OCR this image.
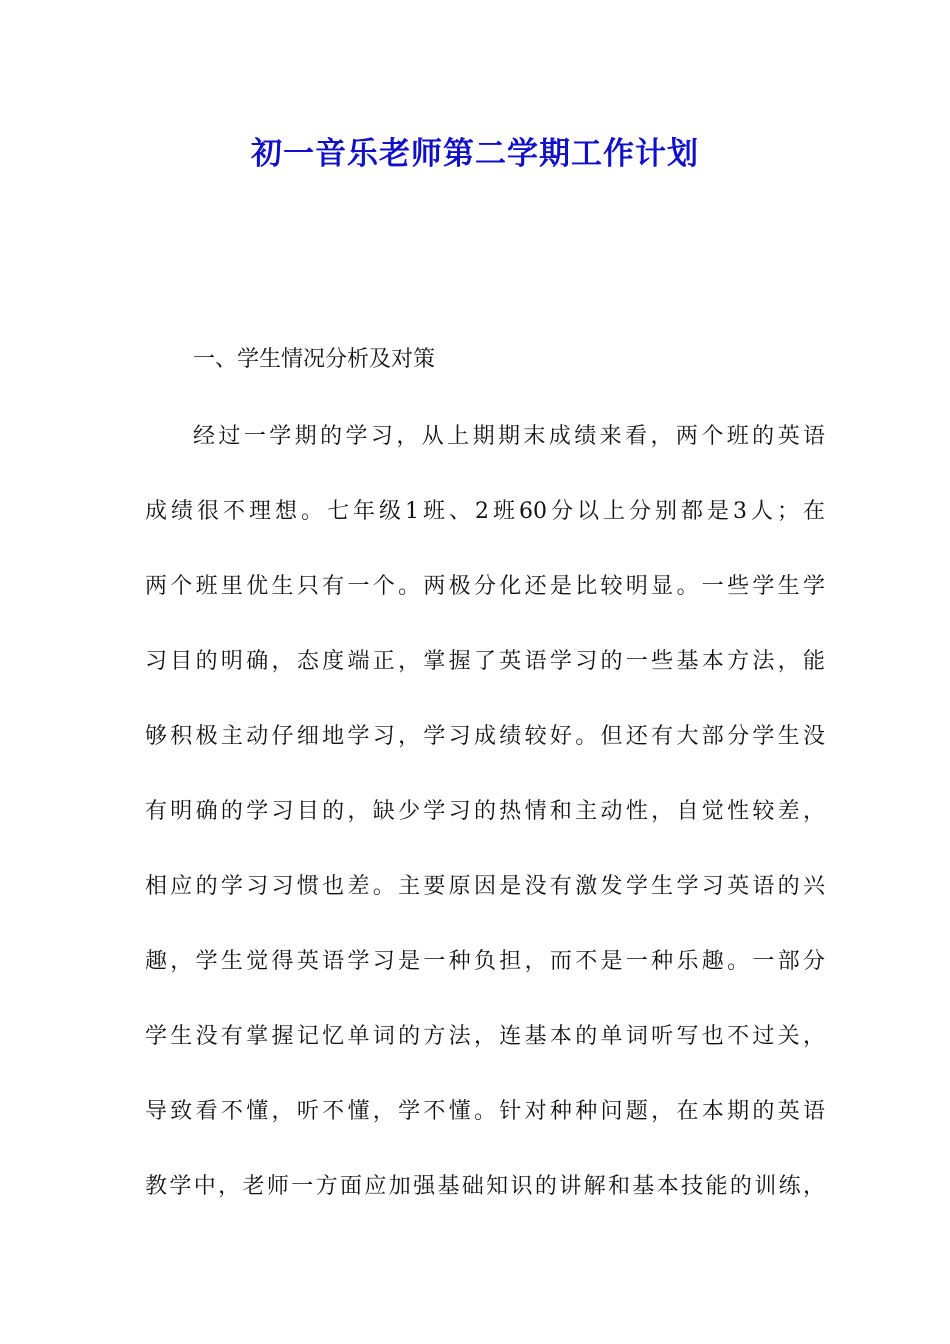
初一音乐老师第二学期工作计划
一、学生情况分析及对策
经过一学期的学习，从上期期末成绩来看，两个班的英语
成绩很不理想。七年级1班、2班60分以上分别都是3人；在
两个班里优生只有一个。两极分化还是比较明显。一些学生学
习目的明确，态度端正，掌握了英语学习的一些基本方法，能
够积极主动仔细地学习，学习成绩较好。但还有大部分学生没
有明确的学习目的，缺少学习的热情和主动性，自觉性较差，
相应的学习习惯也差。主要原因是没有激发学生学习英语的兴
趣，学生觉得英语学习是一种负担，而不是一种乐趣。一部分
学生没有掌握记忆单词的方法，连基本的单词听写也不过关，
导致看不懂，听不懂，学不懂。针对种种问题，在本期的英语
教学中，老师一方面应加强基础知识的讲解和基本技能的训练，
